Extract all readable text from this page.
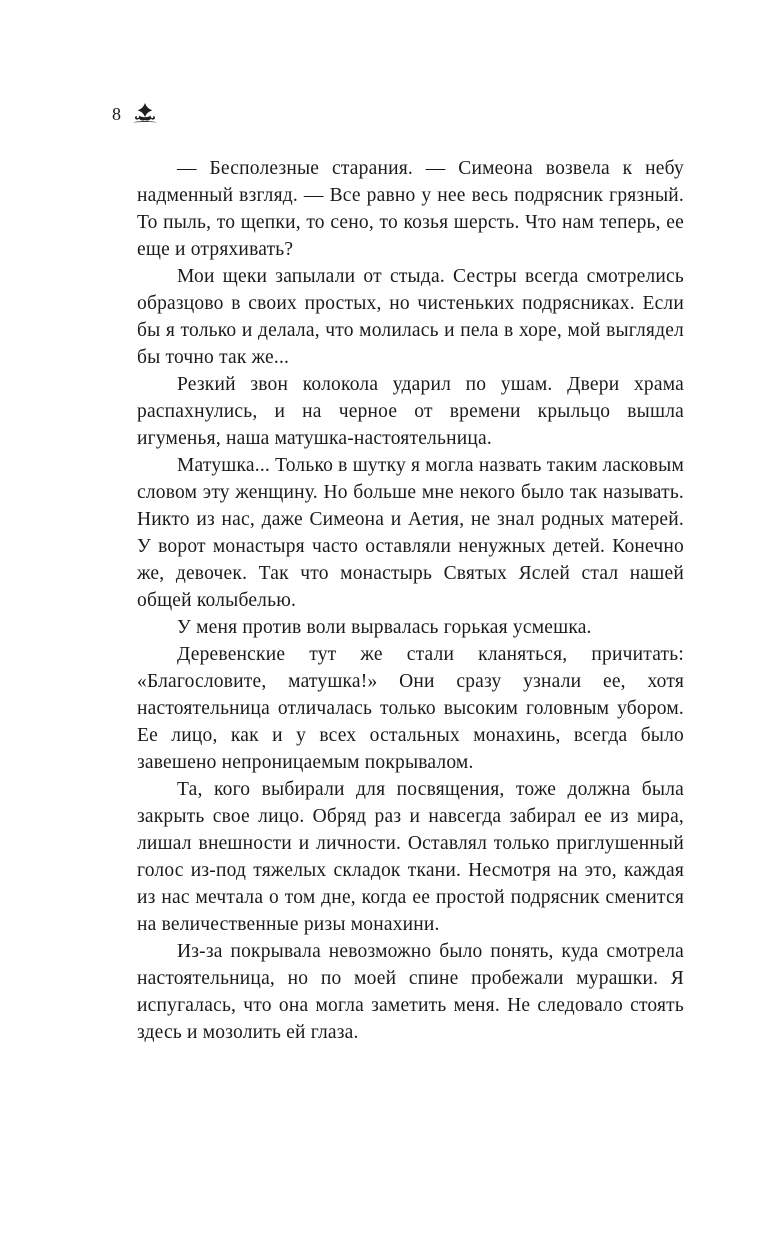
8

— Бесполезные старания. — Симеона возвела к небу надменный взгляд. — Все равно у нее весь подрясник грязный. То пыль, то щепки, то сено, то козья шерсть. Что нам теперь, ее еще и отряхивать?

Мои щеки запылали от стыда. Сестры всегда смотрелись образцово в своих простых, но чистеньких подрясниках. Если бы я только и делала, что молилась и пела в хоре, мой выглядел бы точно так же...

Резкий звон колокола ударил по ушам. Двери храма распахнулись, и на черное от времени крыльцо вышла игуменья, наша матушка-настоятельница.

Матушка... Только в шутку я могла назвать таким ласковым словом эту женщину. Но больше мне некого было так называть. Никто из нас, даже Симеона и Аетия, не знал родных матерей. У ворот монастыря часто оставляли ненужных детей. Конечно же, девочек. Так что монастырь Святых Яслей стал нашей общей колыбелью.

У меня против воли вырвалась горькая усмешка.

Деревенские тут же стали кланяться, причитать: «Благословите, матушка!» Они сразу узнали ее, хотя настоятельница отличалась только высоким головным убором. Ее лицо, как и у всех остальных монахинь, всегда было завешено непроницаемым покрывалом.

Та, кого выбирали для посвящения, тоже должна была закрыть свое лицо. Обряд раз и навсегда забирал ее из мира, лишал внешности и личности. Оставлял только приглушенный голос из-под тяжелых складок ткани. Несмотря на это, каждая из нас мечтала о том дне, когда ее простой подрясник сменится на величественные ризы монахини.

Из-за покрывала невозможно было понять, куда смотрела настоятельница, но по моей спине пробежали мурашки. Я испугалась, что она могла заметить меня. Не следовало стоять здесь и мозолить ей глаза.
